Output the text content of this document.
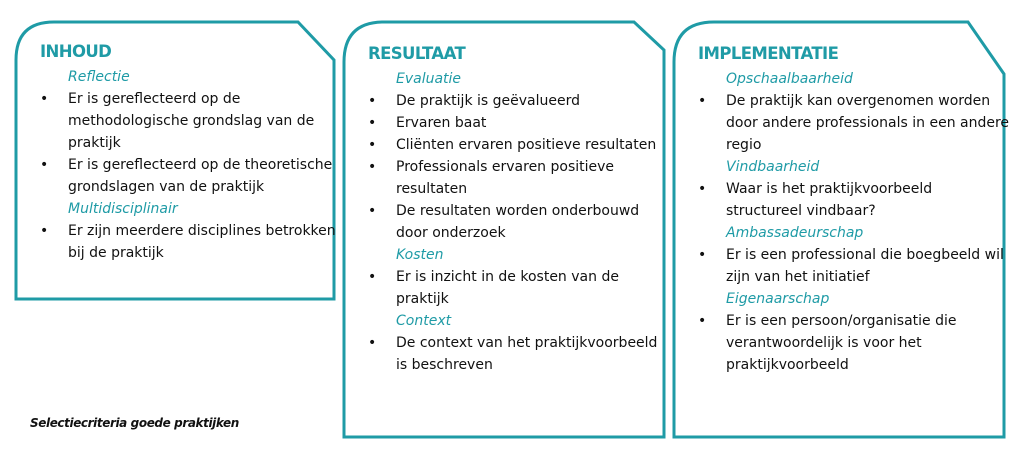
INHOUD
Reflectie
• Er is gereflecteerd op de methodologische grondslag van de praktijk
• Er is gereflecteerd op de theoretische grondslagen van de praktijk
Multidisciplinair
• Er zijn meerdere disciplines betrokken bij de praktijk
RESULTAAT
Evaluatie
• De praktijk is geëvalueerd
• Ervaren baat
• Cliënten ervaren positieve resultaten
• Professionals ervaren positieve resultaten
• De resultaten worden onderbouwd door onderzoek
Kosten
• Er is inzicht in de kosten van de praktijk
Context
• De context van het praktijkvoorbeeld is beschreven
IMPLEMENTATIE
Opschaalbaarheid
• De praktijk kan overgenomen worden door andere professionals in een andere regio
Vindbaarheid
• Waar is het praktijkvoorbeeld structureel vindbaar?
Ambassadeurschap
• Er is een professional die boegbeeld wil zijn van het initiatief
Eigenaarschap
• Er is een persoon/organisatie die verantwoordelijk is voor het praktijkvoorbeeld
Selectiecriteria goede praktijken
